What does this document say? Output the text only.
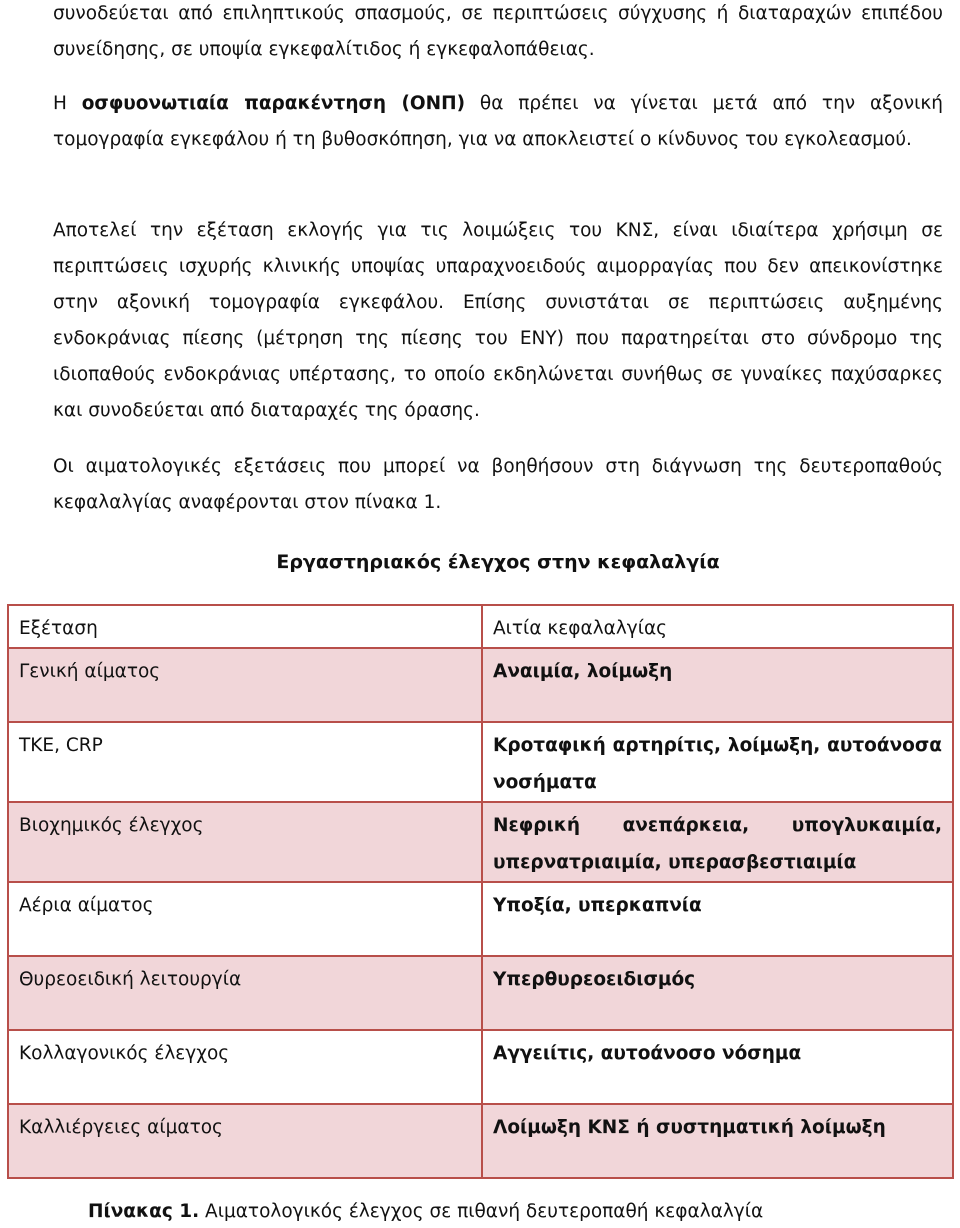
συνοδεύεται από επιληπτικούς σπασμούς, σε περιπτώσεις σύγχυσης ή διαταραχών επιπέδου συνείδησης, σε υποψία εγκεφαλίτιδος ή εγκεφαλοπάθειας.

Η οσφυονωτιαία παρακέντηση (ΟΝΠ) θα πρέπει να γίνεται μετά από την αξονική τομογραφία εγκεφάλου ή τη βυθοσκόπηση, για να αποκλειστεί ο κίνδυνος του εγκολεασμού.

Αποτελεί την εξέταση εκλογής για τις λοιμώξεις του ΚΝΣ, είναι ιδιαίτερα χρήσιμη σε περιπτώσεις ισχυρής κλινικής υποψίας υπαραχνοειδούς αιμορραγίας που δεν απεικονίστηκε στην αξονική τομογραφία εγκεφάλου. Επίσης συνιστάται σε περιπτώσεις αυξημένης ενδοκράνιας πίεσης (μέτρηση της πίεσης του ΕΝΥ) που παρατηρείται στο σύνδρομο της ιδιοπαθούς ενδοκράνιας υπέρτασης, το οποίο εκδηλώνεται συνήθως σε γυναίκες παχύσαρκες και συνοδεύεται από διαταραχές της όρασης.

Οι αιματολογικές εξετάσεις που μπορεί να βοηθήσουν στη διάγνωση της δευτεροπαθούς κεφαλαλγίας αναφέρονται στον πίνακα 1.

Εργαστηριακός έλεγχος στην κεφαλαλγία

Εξέταση	Αιτία κεφαλαλγίας
Γενική αίματος	Αναιμία, λοίμωξη
ΤΚΕ, CRP	Κροταφική αρτηρίτις, λοίμωξη, αυτοάνοσα νοσήματα
Βιοχημικός έλεγχος	Νεφρική ανεπάρκεια, υπογλυκαιμία, υπερνατριαιμία, υπερασβεστιαιμία
Αέρια αίματος	Υποξία, υπερκαπνία
Θυρεοειδική λειτουργία	Υπερθυρεοειδισμός
Κολλαγονικός έλεγχος	Αγγειίτις, αυτοάνοσο νόσημα
Καλλιέργειες αίματος	Λοίμωξη ΚΝΣ ή συστηματική λοίμωξη

Πίνακας 1. Αιματολογικός έλεγχος σε πιθανή δευτεροπαθή κεφαλαλγία
